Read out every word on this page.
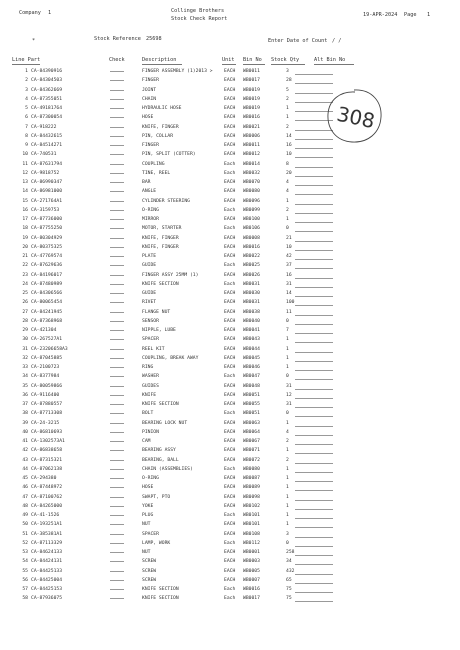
Company 1	Collinge Brothers
Stock Check Report
19-APR-2024 Page 1
*	Stock Reference 25698	Enter Date of Count / /
Line Part	Check	Description	Unit Bin No Stock Qty	Alt Bin No
1 CA-84390916	FINGER ASSEMBLY (1)2013 > EACH WB0011	3
2 CA-84304503	FINGER	EACH WB0017	28
3 CA-84362669	JOINT	EACH WB0019	5
4 CA-87355051	CHAIN	EACH WB0019	2
5 CA-49181764	HYDRAULIC HOSE	EACH WB0019	1
6 CA-87300054	HOSE	EACH WB0016	1
7 CA-918222	KNIFE, FINGER	EACH WB0021	2
8 CA-84432615	PIN, COLLAR	EACH WB0006	14
9 CA-84514271	FINGER	EACH WB0011	16
10 CA-740531	PIN, SPLIT (COTTER)	EACH WB0012	10
11 CA-87631794	COUPLING	Each WB0014	8
12 CA-9818752	TINE, REEL	Each WB0032	20
13 CA-86990347	BAR	EACH WB0070	4
14 CA-86981000	ANGLE	EACH WB0080	4
15 CA-271764A1	CYLINDER STEERING	EACH WB0096	1
16 CA-3159753	O-RING	Each WB0099	2
17 CA-87736000	MIRROR	EACH WB0100	1
18 CA-87755250	MOTOR, STARTER	Each WB0106	0
19 CA-80304929	KNIFE, FINGER	EACH WB0008	21
20 CA-80375325	KNIFE, FINGER	EACH WB0016	10
21 CA-47769574	PLATE	EACH WB0022	42
22 CA-87629636	GUIDE	Each WB0025	37
23 CA-84196017	FINGER ASSY 25MM (1)	EACH WB0026	16
24 CA-87480989	KNIFE SECTION	Each WB0031	31
25 CA-84306566	GUIDE	EACH WB0030	14
26 CA-80065454	RIVET	EACH WB0031	100
27 CA-84241945	FLANGE NUT	EACH WB0038	11
28 CA-87368968	SENSOR	EACH WB0040	0
29 CA-421304	NIPPLE, LUBE	EACH WB0041	7
30 CA-267527A1	SPACER	EACH WB0043	1
31 CA-23206658A3	REEL KIT	EACH WB0044	1
32 CA-87045885	COUPLING, BREAK AWAY	EACH WB0045	1
33 CA-2100723	RING	EACH WB0046	1
34 CA-8377984	WASHER	Each WB0047	0
35 CA-80059866	GUIDES	EACH WB0048	31
36 CA-9116400	KNIFE	EACH WB0051	12
37 CA-87880557	KNIFE SECTION	EACH WB0055	31
38 CA-87713308	BOLT	Each WB0051	0
39 CA-24-3215	BEARING LOCK NUT	EACH WB0063	1
40 CA-86810693	PINION	EACH WB0064	4
41 CA-1302573A1	CAM	EACH WB0067	2
42 CA-86838658	BEARING ASSY	EACH WB0071	1
43 CA-87315321	BEARING, BALL	EACH WB0072	2
44 CA-87062138	CHAIN (ASSEMBLIES)	Each WB0080	1
45 CA-294380	O-RING	EACH WB0087	1
46 CA-87448972	HOSE	EACH WB0089	1
47 CA-87100762	SWAPT, PTO	EACH WB0098	1
48 CA-84265000	YOKE	EACH WB0102	1
49 CA-41-1526	PLUG	Each WB0101	1
50 CA-193251A1	NUT	EACH WB0101	1
51 CA-385381A1	SPACER	EACH WB0108	3
52 CA-87113329	LAMP, WORK	Each WB0112	0
53 CA-84624133	NUT	EACH WB0001	258
54 CA-84424131	SCREW	EACH WB0003	34
55 CA-84425133	SCREW	EACH WB0005	432
56 CA-84425004	SCREW	EACH WB0007	65
57 CA-84425153	KNIFE SECTION	Each WB0016	75
58 CA-87936075	KNIFE SECTION	Each WB0017	75
308
